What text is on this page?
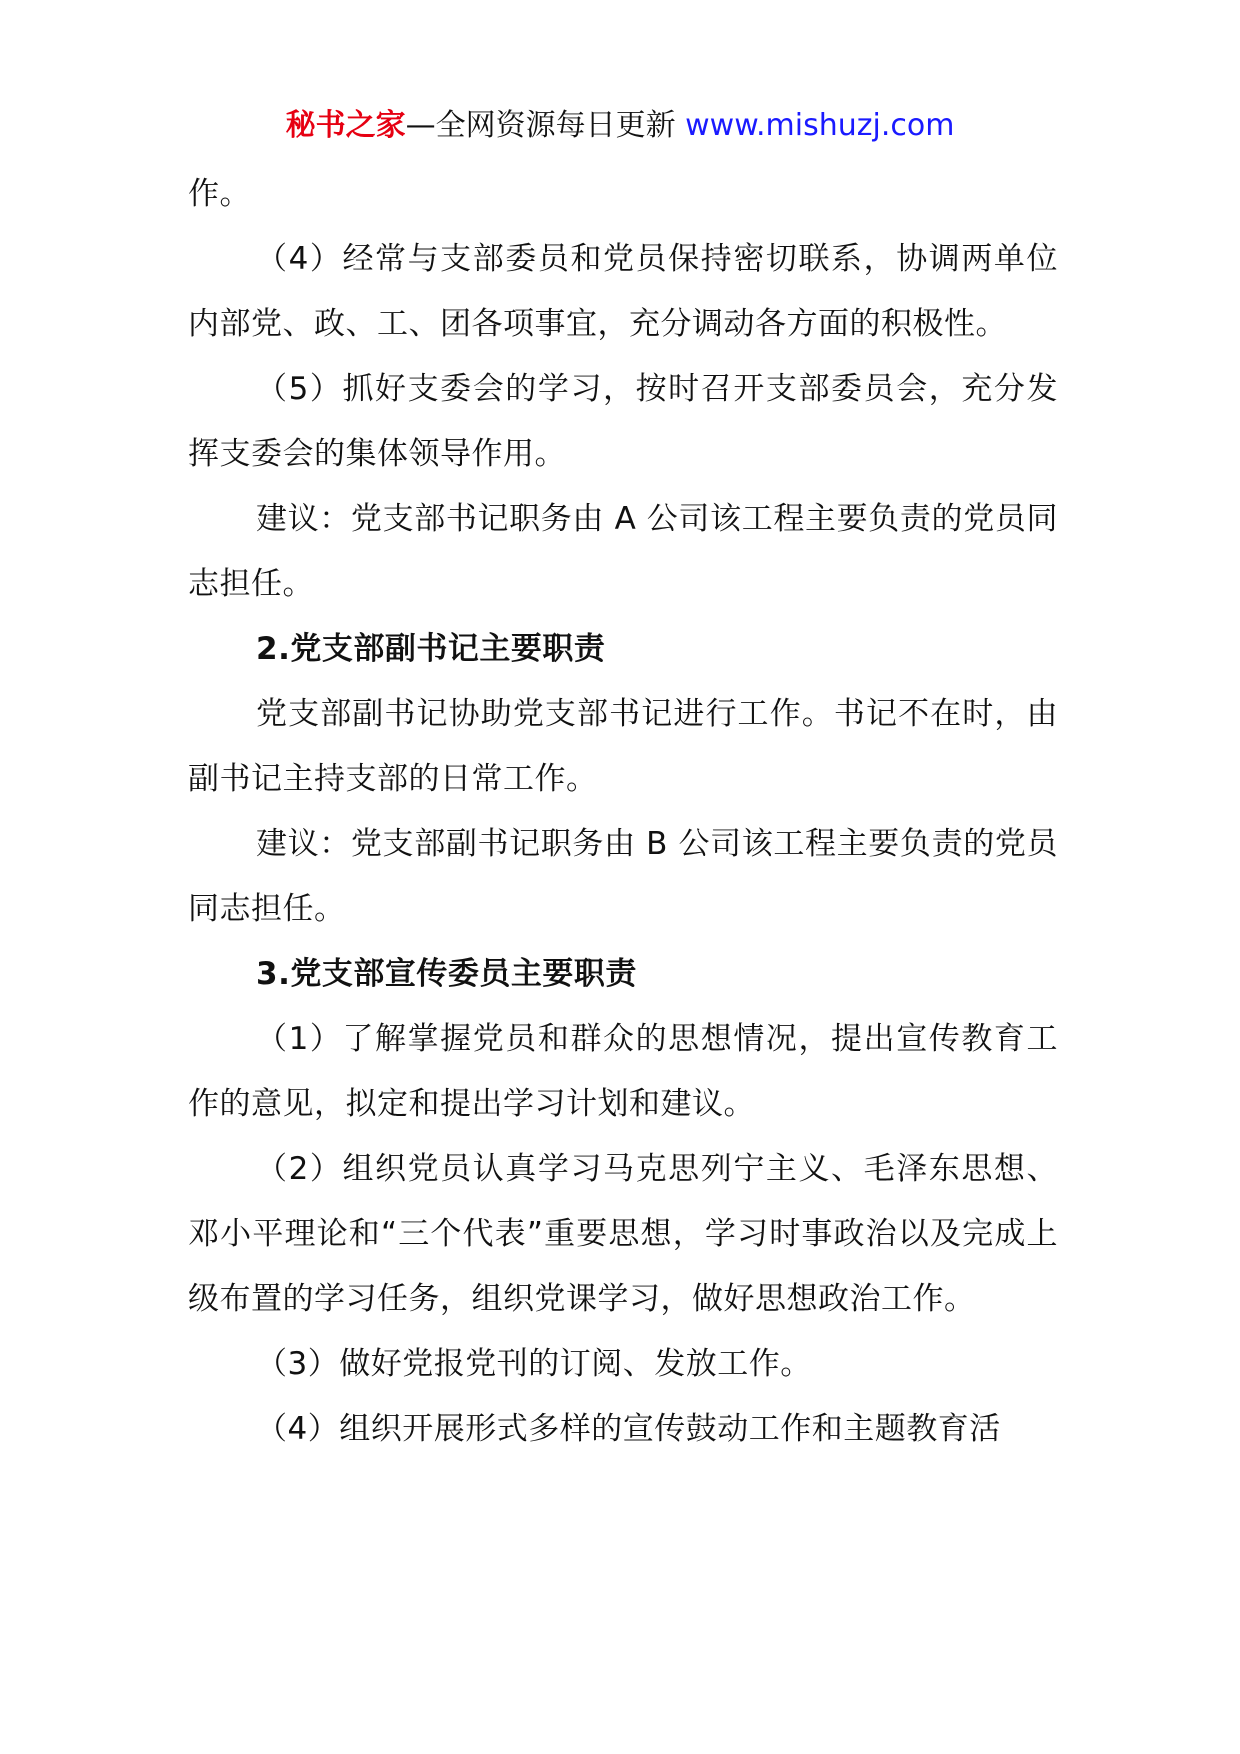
秘书之家—全网资源每日更新 www.mishuzj.com

作。

（4）经常与支部委员和党员保持密切联系，协调两单位内部党、政、工、团各项事宜，充分调动各方面的积极性。

（5）抓好支委会的学习，按时召开支部委员会，充分发挥支委会的集体领导作用。

建议：党支部书记职务由 A 公司该工程主要负责的党员同志担任。

2.党支部副书记主要职责

党支部副书记协助党支部书记进行工作。书记不在时，由副书记主持支部的日常工作。

建议：党支部副书记职务由 B 公司该工程主要负责的党员同志担任。

3.党支部宣传委员主要职责

（1）了解掌握党员和群众的思想情况，提出宣传教育工作的意见，拟定和提出学习计划和建议。

（2）组织党员认真学习马克思列宁主义、毛泽东思想、邓小平理论和“三个代表”重要思想，学习时事政治以及完成上级布置的学习任务，组织党课学习，做好思想政治工作。

（3）做好党报党刊的订阅、发放工作。

（4）组织开展形式多样的宣传鼓动工作和主题教育活
